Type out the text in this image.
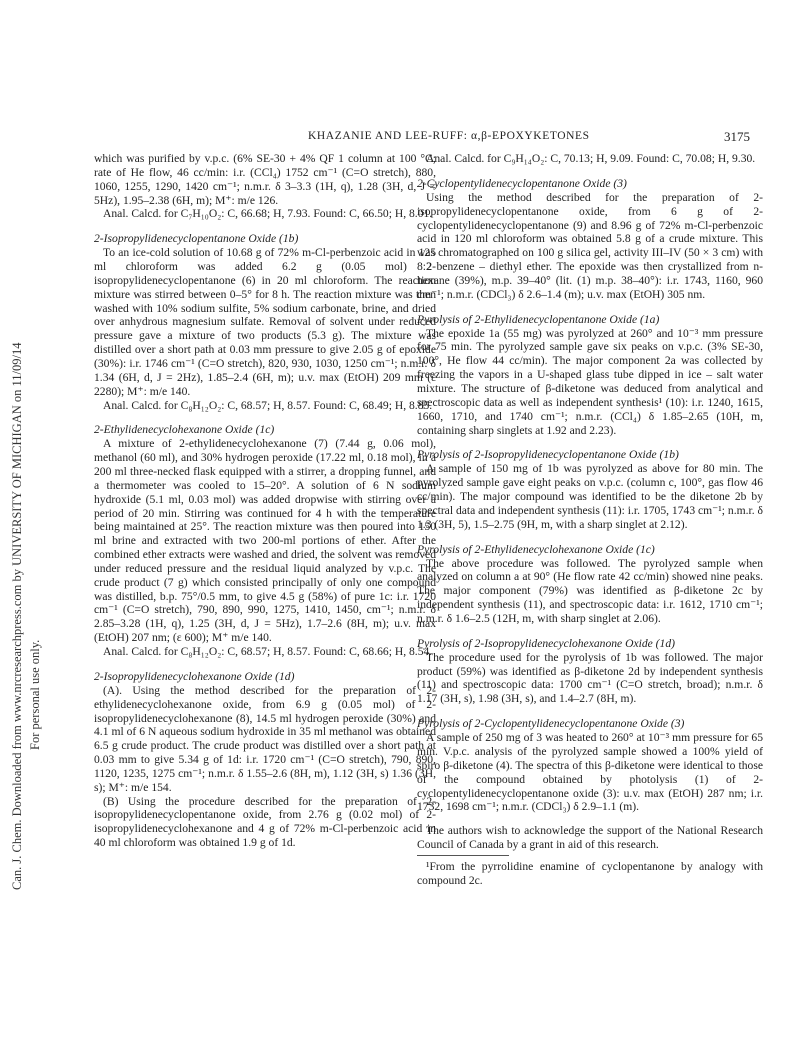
Can. J. Chem. Downloaded from www.nrcresearchpress.com by UNIVERSITY OF MICHIGAN on 11/09/14 For personal use only.
KHAZANIE AND LEE-RUFF: α,β-EPOXYKETONES	3175

which was purified by v.p.c. (6% SE-30 + 4% QF 1 column at 100 °C; rate of He flow, 46 cc/min: i.r. (CCl₄) 1752 cm⁻¹ (C=O stretch), 880, 1060, 1255, 1290, 1420 cm⁻¹; n.m.r. δ 3–3.3 (1H, q), 1.28 (3H, d, J = 5Hz), 1.95–2.38 (6H, m); M⁺: m/e 126.

Anal. Calcd. for C₇H₁₀O₂: C, 66.68; H, 7.93. Found: C, 66.50; H, 8.01.

2-Isopropylidenecyclopentanone Oxide (1b)

To an ice-cold solution of 10.68 g of 72% m-Cl-perbenzoic acid in 125 ml chloroform was added 6.2 g (0.05 mol) 2-isopropylidenecyclopentanone (6) in 20 ml chloroform. The reaction mixture was stirred between 0–5° for 8 h. The reaction mixture was then washed with 10% sodium sulfite, 5% sodium carbonate, brine, and dried over anhydrous magnesium sulfate. Removal of solvent under reduced pressure gave a mixture of two products (5.3 g). The mixture was distilled over a short path at 0.03 mm pressure to give 2.05 g of epoxide (30%): i.r. 1746 cm⁻¹ (C=O stretch), 820, 930, 1030, 1250 cm⁻¹; n.m.r. δ 1.34 (6H, d, J = 2Hz), 1.85–2.4 (6H, m); u.v. max (EtOH) 209 mm (ε 2280); M⁺: m/e 140.

Anal. Calcd. for C₈H₁₂O₂: C, 68.57; H, 8.57. Found: C, 68.49; H, 8.85.

2-Ethylidenecyclohexanone Oxide (1c)

A mixture of 2-ethylidenecyclohexanone (7) (7.44 g, 0.06 mol), methanol (60 ml), and 30% hydrogen peroxide (17.22 ml, 0.18 mol), in a 200 ml three-necked flask equipped with a stirrer, a dropping funnel, and a thermometer was cooled to 15–20°. A solution of 6 N sodium hydroxide (5.1 ml, 0.03 mol) was added dropwise with stirring over a period of 20 min. Stirring was continued for 4 h with the temperature being maintained at 25°. The reaction mixture was then poured into 150 ml brine and extracted with two 200-ml portions of ether. After the combined ether extracts were washed and dried, the solvent was removed under reduced pressure and the residual liquid analyzed by v.p.c. The crude product (7 g) which consisted principally of only one compound was distilled, b.p. 75°/0.5 mm, to give 4.5 g (58%) of pure 1c: i.r. 1720 cm⁻¹ (C=O stretch), 790, 890, 990, 1275, 1410, 1450, cm⁻¹; n.m.r. δ 2.85–3.28 (1H, q), 1.25 (3H, d, J = 5Hz), 1.7–2.6 (8H, m); u.v. max (EtOH) 207 nm; (ε 600); M⁺ m/e 140.

Anal. Calcd. for C₈H₁₂O₂: C, 68.57; H, 8.57. Found: C, 68.66; H, 8.54.

2-Isopropylidenecyclohexanone Oxide (1d)

(A). Using the method described for the preparation of 2-ethylidenecyclohexanone oxide, from 6.9 g (0.05 mol) of 2-isopropylidenecyclohexanone (8), 14.5 ml hydrogen peroxide (30%) and 4.1 ml of 6 N aqueous sodium hydroxide in 35 ml methanol was obtained 6.5 g crude product. The crude product was distilled over a short path at 0.03 mm to give 5.34 g of 1d: i.r. 1720 cm⁻¹ (C=O stretch), 790, 890, 1120, 1235, 1275 cm⁻¹; n.m.r. δ 1.55–2.6 (8H, m), 1.12 (3H, s) 1.36 (3H, s); M⁺: m/e 154.

(B) Using the procedure described for the preparation of 2-isopropylidenecyclopentanone oxide, from 2.76 g (0.02 mol) of 2-isopropylidenecyclohexanone and 4 g of 72% m-Cl-perbenzoic acid in 40 ml chloroform was obtained 1.9 g of 1d.

Anal. Calcd. for C₉H₁₄O₂: C, 70.13; H, 9.09. Found: C, 70.08; H, 9.30.

2-Cyclopentylidenecyclopentanone Oxide (3)

Using the method described for the preparation of 2-isopropylidenecyclopentanone oxide, from 6 g of 2-cyclopentylidenecyclopentanone (9) and 8.96 g of 72% m-Cl-perbenzoic acid in 120 ml chloroform was obtained 5.8 g of a crude mixture. This was chromatographed on 100 g silica gel, activity III–IV (50 × 3 cm) with 8:2 benzene – diethyl ether. The epoxide was then crystallized from n-hexane (39%), m.p. 39–40° (lit. (1) m.p. 38–40°): i.r. 1743, 1160, 960 cm⁻¹; n.m.r. (CDCl₃) δ 2.6–1.4 (m); u.v. max (EtOH) 305 nm.

Pyrolysis of 2-Ethylidenecyclopentanone Oxide (1a)

The epoxide 1a (55 mg) was pyrolyzed at 260° and 10⁻³ mm pressure for 75 min. The pyrolyzed sample gave six peaks on v.p.c. (3% SE-30, 100°, He flow 44 cc/min). The major component 2a was collected by freezing the vapors in a U-shaped glass tube dipped in ice – salt water mixture. The structure of β-diketone was deduced from analytical and spectroscopic data as well as independent synthesis¹ (10): i.r. 1240, 1615, 1660, 1710, and 1740 cm⁻¹; n.m.r. (CCl₄) δ 1.85–2.65 (10H, m, containing sharp singlets at 1.92 and 2.23).

Pyrolysis of 2-Isopropylidenecyclopentanone Oxide (1b)

A sample of 150 mg of 1b was pyrolyzed as above for 80 min. The pyrolyzed sample gave eight peaks on v.p.c. (column c, 100°, gas flow 46 cc/min). The major compound was identified to be the diketone 2b by spectral data and independent synthesis (11): i.r. 1705, 1743 cm⁻¹; n.m.r. δ 1.3 (3H, 5), 1.5–2.75 (9H, m, with a sharp singlet at 2.12).

Pyrolysis of 2-Ethylidenecyclohexanone Oxide (1c)

The above procedure was followed. The pyrolyzed sample when analyzed on column a at 90° (He flow rate 42 cc/min) showed nine peaks. The major component (79%) was identified as β-diketone 2c by independent synthesis (11), and spectroscopic data: i.r. 1612, 1710 cm⁻¹; n.m.r. δ 1.6–2.5 (12H, m, with sharp singlet at 2.06).

Pyrolysis of 2-Isopropylidenecyclohexanone Oxide (1d)

The procedure used for the pyrolysis of 1b was followed. The major product (59%) was identified as β-diketone 2d by independent synthesis (11) and spectroscopic data: 1700 cm⁻¹ (C=O stretch, broad); n.m.r. δ 1.17 (3H, s), 1.98 (3H, s), and 1.4–2.7 (8H, m).

Pyrolysis of 2-Cyclopentylidenecyclopentanone Oxide (3)

A sample of 250 mg of 3 was heated to 260° at 10⁻³ mm pressure for 65 min. V.p.c. analysis of the pyrolyzed sample showed a 100% yield of spiro β-diketone (4). The spectra of this β-diketone were identical to those of the compound obtained by photolysis (1) of 2-cyclopentylidenecyclopentanone oxide (3): u.v. max (EtOH) 287 nm; i.r. 1732, 1698 cm⁻¹; n.m.r. (CDCl₃) δ 2.9–1.1 (m).

The authors wish to acknowledge the support of the National Research Council of Canada by a grant in aid of this research.

¹From the pyrrolidine enamine of cyclopentanone by analogy with compound 2c.
